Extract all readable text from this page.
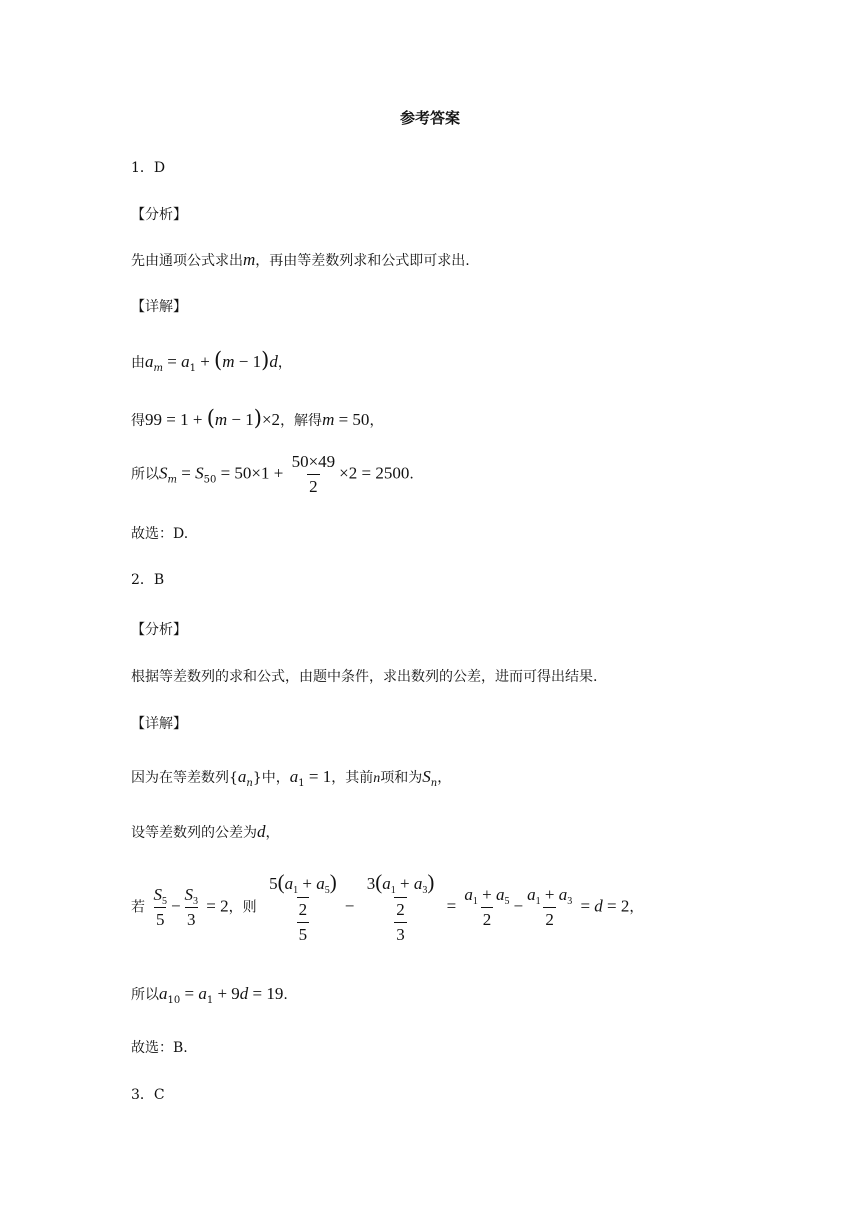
参考答案
1．D
【分析】
先由通项公式求出m，再由等差数列求和公式即可求出.
【详解】
由$a_m = a_1 + (m - 1)d$，
得99 = 1 + (m − 1)×2，解得m = 50，
所以$S_m = S_{50} = 50\times 1 + \frac{50\times 49}{2} \times 2 = 2500$.
故选：D.
2．B
【分析】
根据等差数列的求和公式，由题中条件，求出数列的公差，进而可得出结果.
【详解】
因为在等差数列$\{a_n\}$中，$a_1 = 1$，其前n项和为$S_n$，
设等差数列的公差为d，
若 $\frac{S_5}{5} - \frac{S_3}{3} = 2$，则 $\frac{\frac{5(a_1 + a_5)}{2}}{5} - \frac{\frac{3(a_1 + a_3)}{2}}{3} = \frac{a_1 + a_5}{2} - \frac{a_1 + a_3}{2} = d = 2$，
所以$a_{10} = a_1 + 9d = 19$.
故选：B.
3．C
